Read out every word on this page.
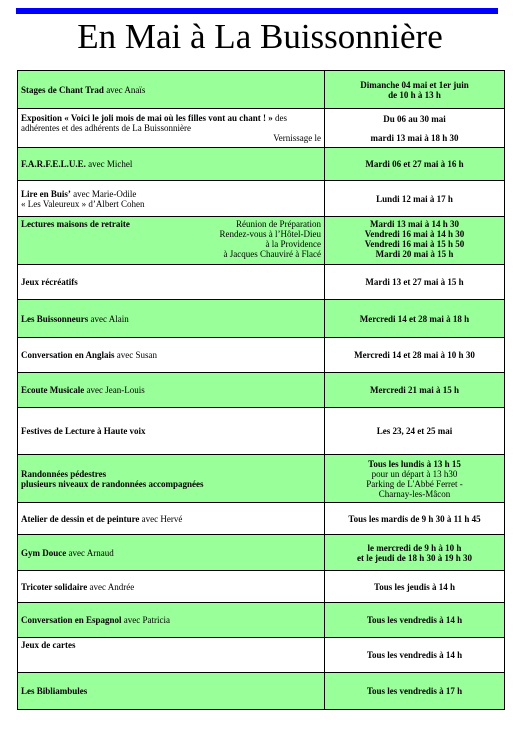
En Mai à La Buissonnière
Stages de Chant Trad avec Anaïs	Dimanche 04 mai et 1er juin
de 10 h à 13 h

Exposition « Voici le joli mois de mai où les filles vont au chant ! » des adhérentes et des adhérents de La Buissonnière
Vernissage le	Du 06 au 30 mai
mardi 13 mai à 18 h 30

F.A.R.F.E.L.U.E. avec Michel	Mardi 06 et 27 mai à 16 h
Lire en Buis’ avec Marie-Odile
« Les Valeureux » d’Albert Cohen	Lundi 12 mai à 17 h

Lectures maisons de retraite Réunion de Préparation
Rendez-vous à l’Hôtel-Dieu
à la Providence
à Jacques Chauviré à Flacé	Mardi 13 mai à 14 h 30
Vendredi 16 mai à 14 h 30
Vendredi 16 mai à 15 h 50
Mardi 20 mai à 15 h

Jeux récréatifs	Mardi 13 et 27 mai à 15 h
Les Buissonneurs avec Alain	Mercredi 14 et 28 mai à 18 h
Conversation en Anglais avec Susan	Mercredi 14 et 28 mai à 10 h 30
Ecoute Musicale avec Jean-Louis	Mercredi 21 mai à 15 h
Festives de Lecture à Haute voix	Les 23, 24 et 25 mai

Randonnées pédestres
plusieurs niveaux de randonnées accompagnées	Tous les lundis à 13 h 15
pour un départ à 13 h30
Parking de L'Abbé Ferret -
Charnay-les-Mâcon

Atelier de dessin et de peinture avec Hervé	Tous les mardis de 9 h 30 à 11 h 45
Gym Douce avec Arnaud	le mercredi de 9 h à 10 h
et le jeudi de 18 h 30 à 19 h 30

Tricoter solidaire avec Andrée	Tous les jeudis à 14 h
Conversation en Espagnol avec Patricia	Tous les vendredis à 14 h
Jeux de cartes	Tous les vendredis à 14 h
Les Bibliambules	Tous les vendredis à 17 h
